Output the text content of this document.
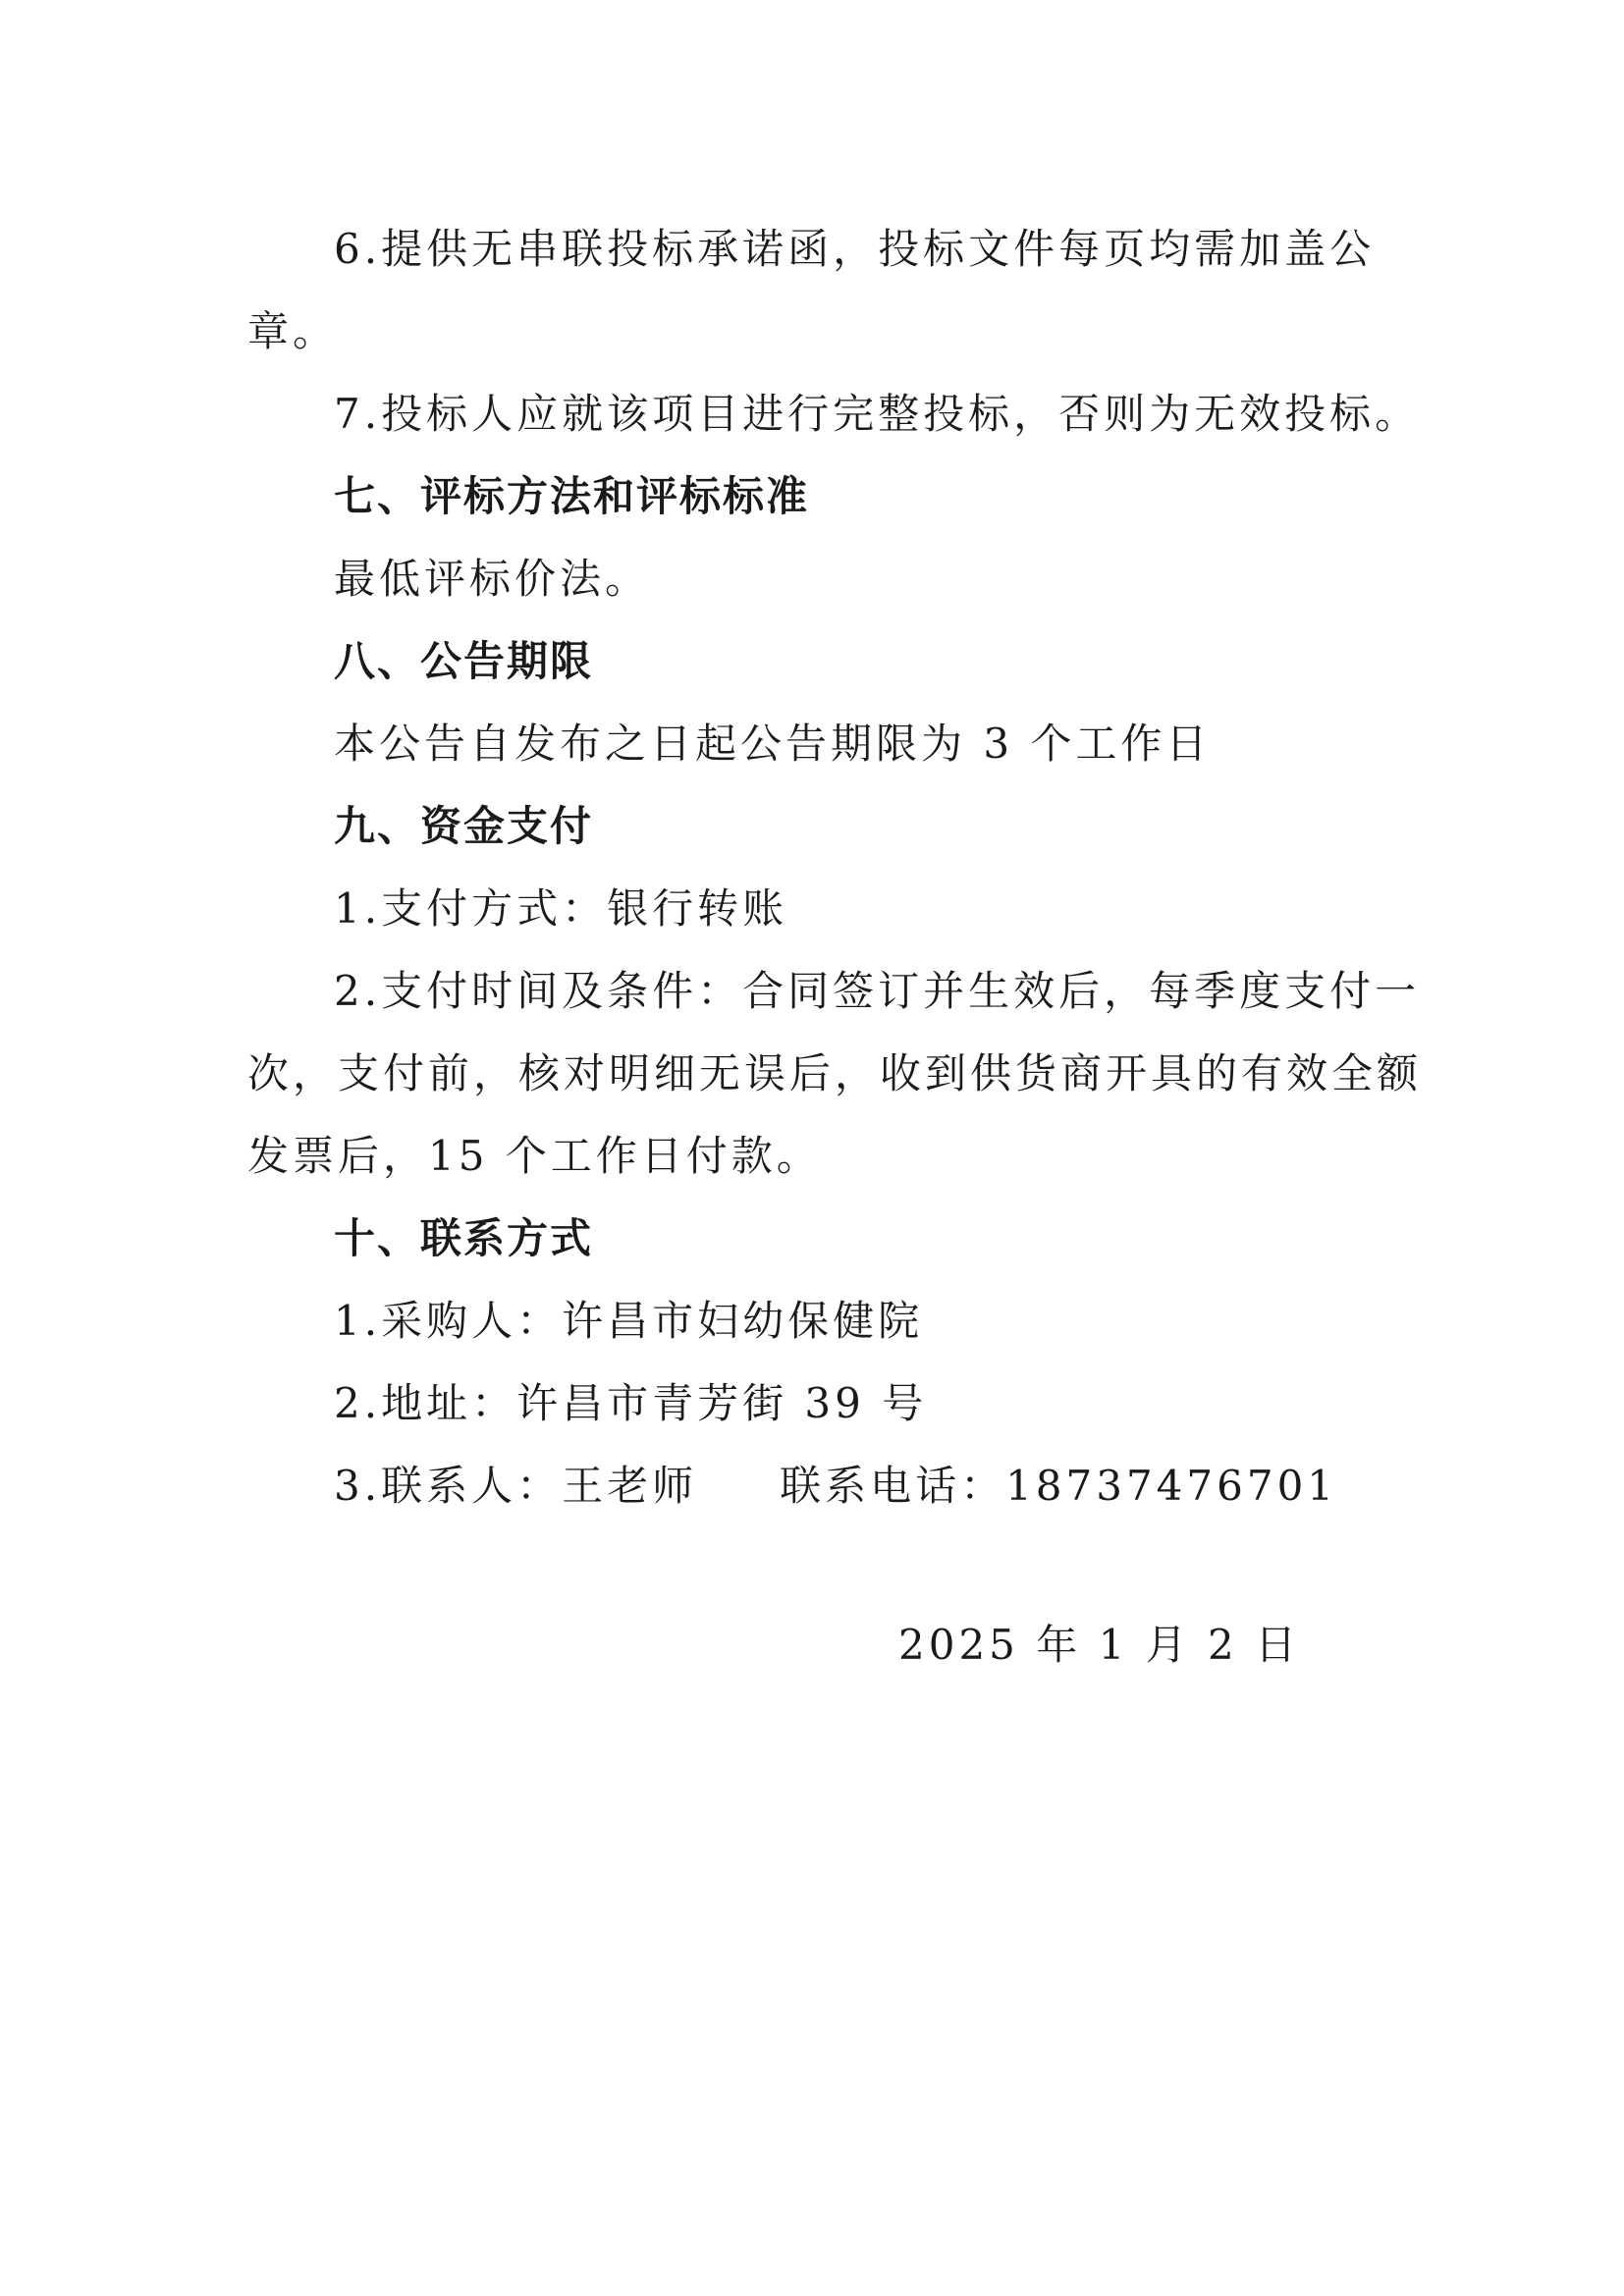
6.提供无串联投标承诺函，投标文件每页均需加盖公

章。

7.投标人应就该项目进行完整投标，否则为无效投标。

七、评标方法和评标标准

最低评标价法。

八、公告期限

本公告自发布之日起公告期限为 3 个工作日

九、资金支付

1.支付方式：银行转账

2.支付时间及条件：合同签订并生效后，每季度支付一

次，支付前，核对明细无误后，收到供货商开具的有效全额

发票后，15 个工作日付款。

十、联系方式

1.采购人：许昌市妇幼保健院

2.地址：许昌市青芳街 39 号

3.联系人：王老师 联系电话：18737476701

2025 年 1 月 2 日
